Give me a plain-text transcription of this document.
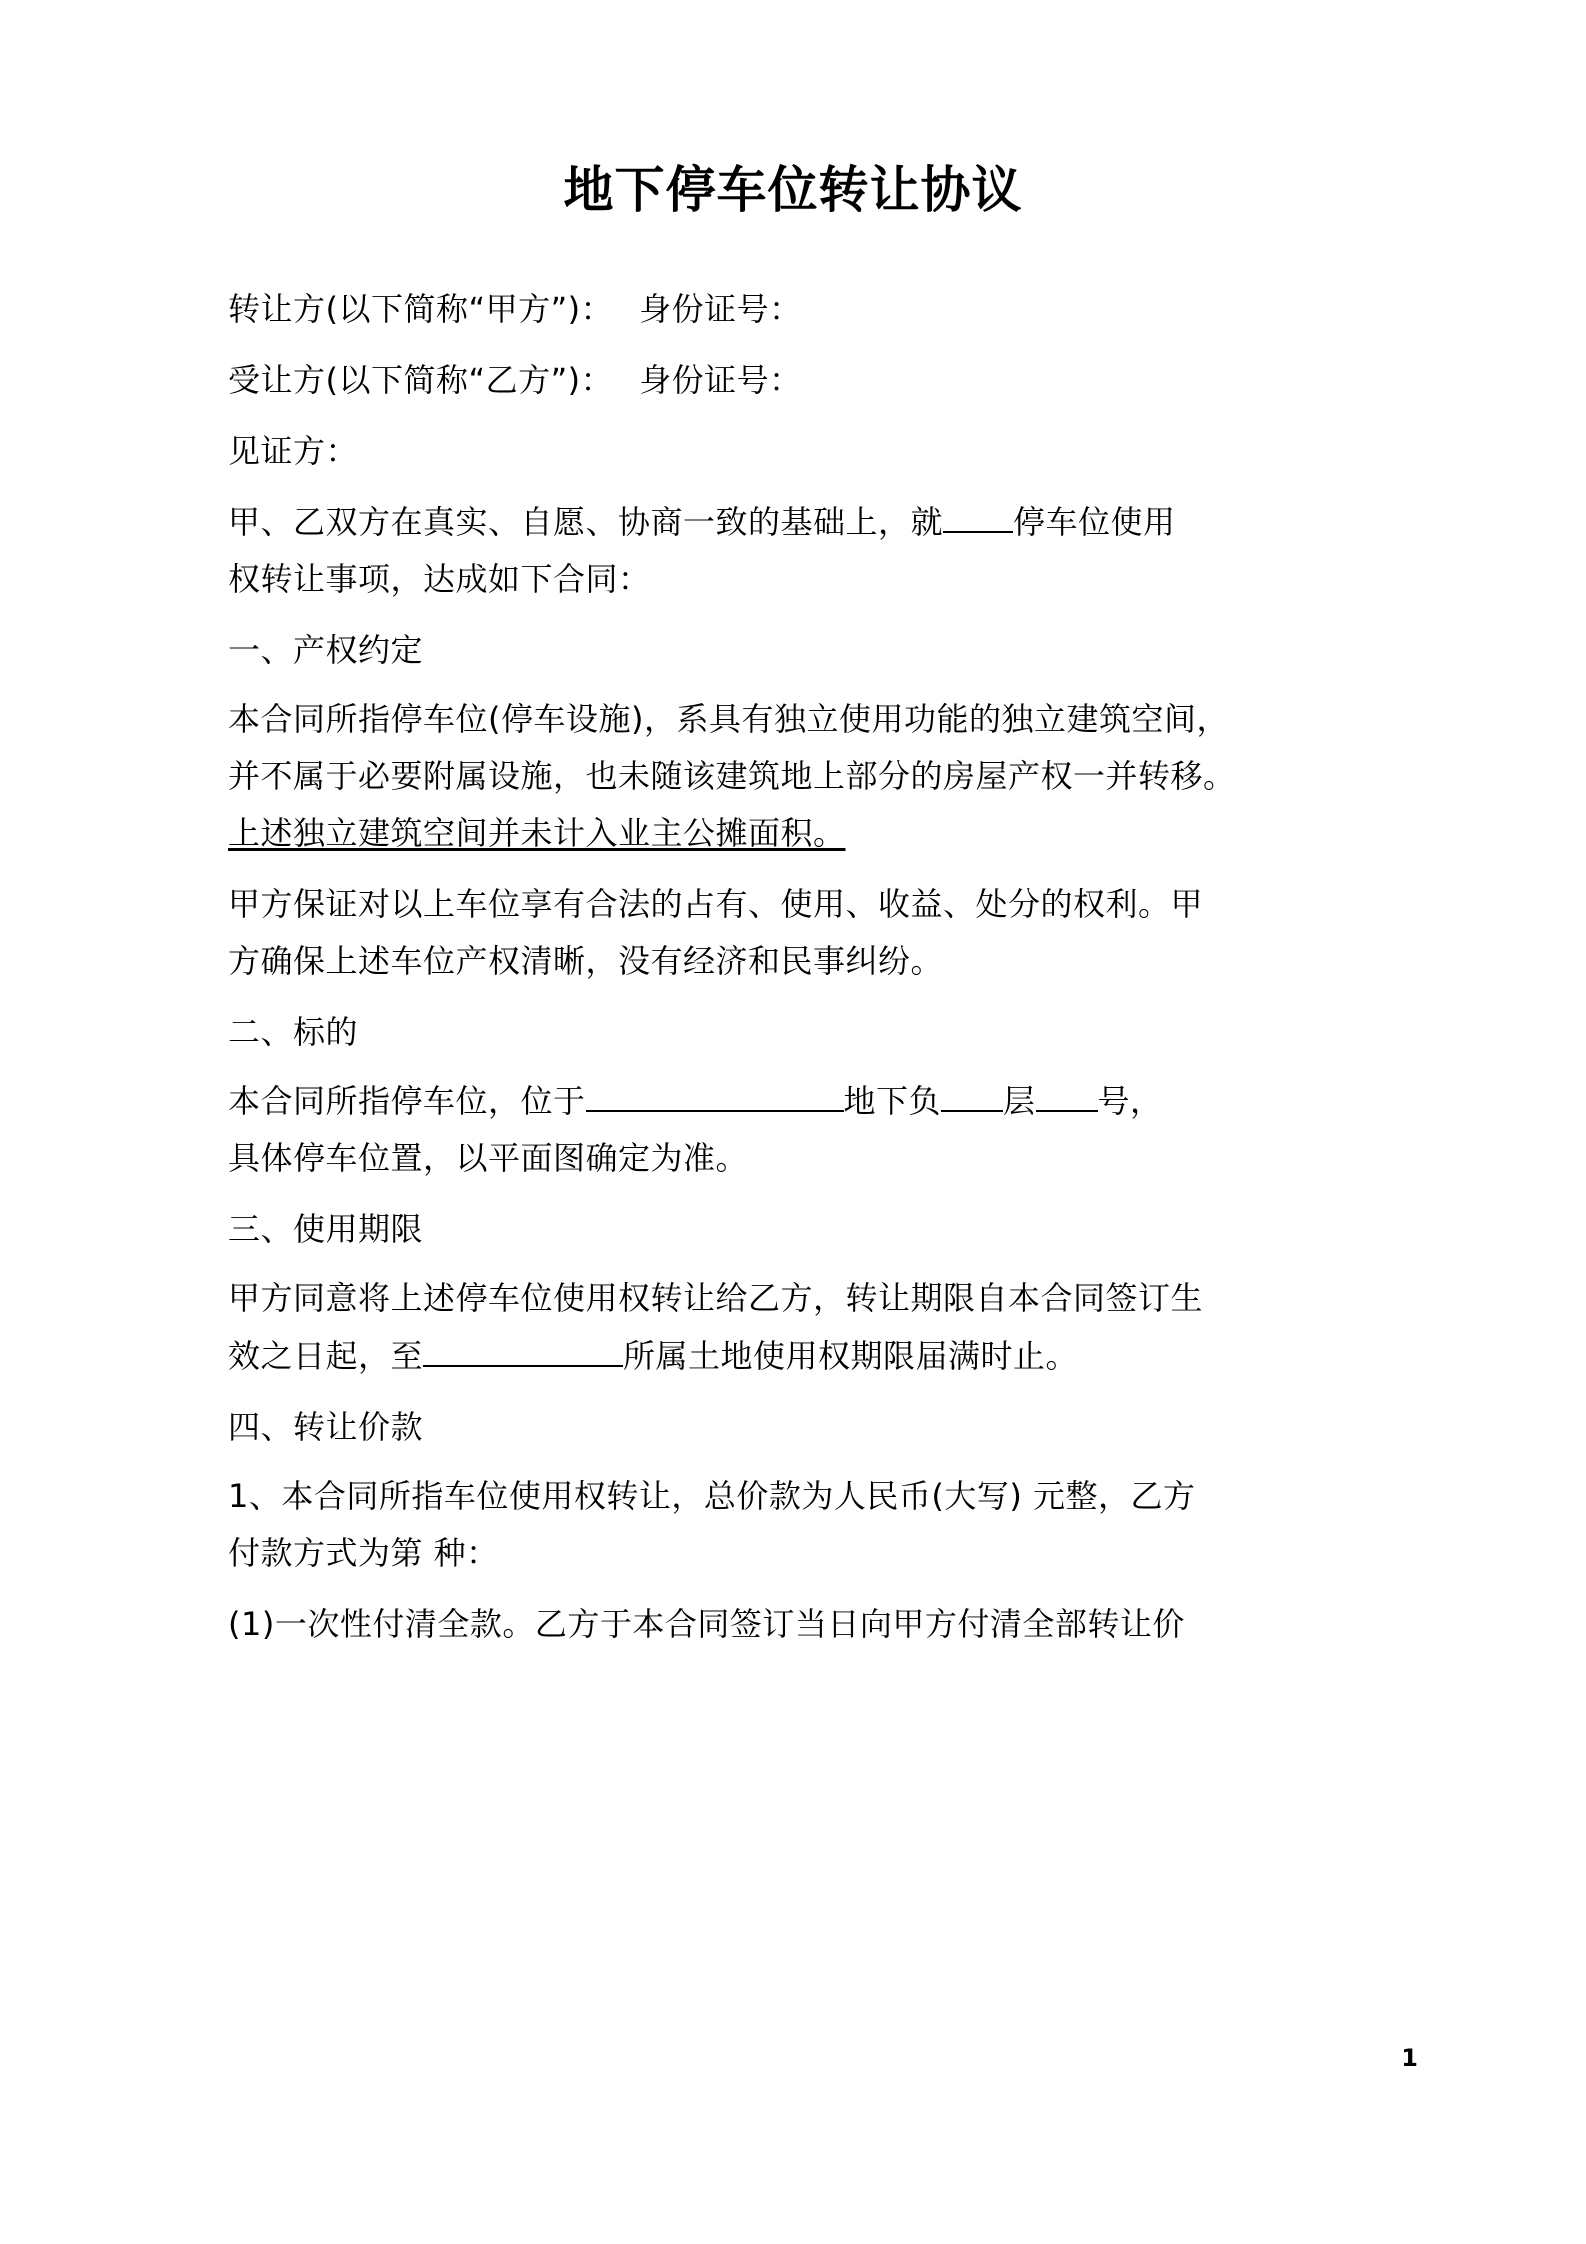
地下停车位转让协议

转让方(以下简称“甲方”)： 身份证号：

受让方(以下简称“乙方”)： 身份证号：

见证方：

甲、乙双方在真实、自愿、协商一致的基础上，就 停车位使用

权转让事项，达成如下合同：

一、产权约定

本合同所指停车位(停车设施)，系具有独立使用功能的独立建筑空间，

并不属于必要附属设施，也未随该建筑地上部分的房屋产权一并转移。

上述独立建筑空间并未计入业主公摊面积。

甲方保证对以上车位享有合法的占有、使用、收益、处分的权利。甲

方确保上述车位产权清晰，没有经济和民事纠纷。

二、标的

本合同所指停车位，位于	地下负 层 号，

具体停车位置，以平面图确定为准。

三、使用期限

甲方同意将上述停车位使用权转让给乙方，转让期限自本合同签订生

效之日起，至	所属土地使用权期限届满时止。

四、转让价款

1、本合同所指车位使用权转让，总价款为人民币(大写) 元整，乙方

付款方式为第 种：

(1)一次性付清全款。乙方于本合同签订当日向甲方付清全部转让价

1
